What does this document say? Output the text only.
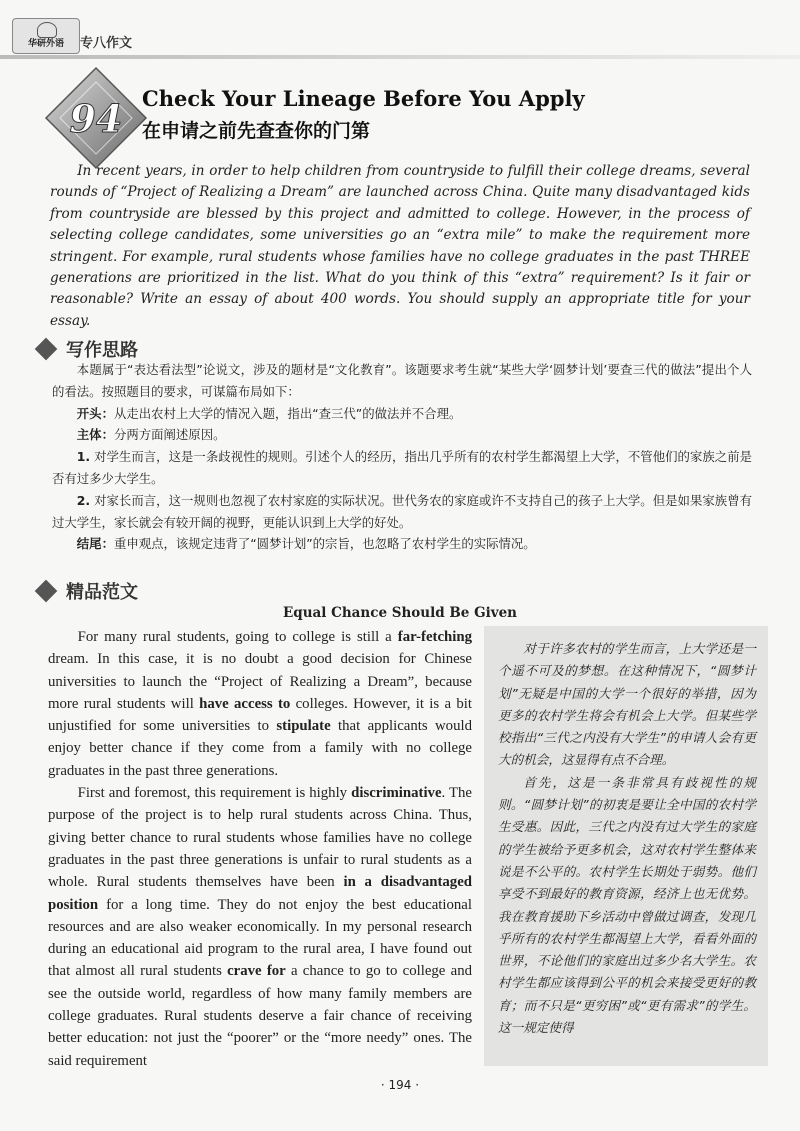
华研外语	专八作文
94 Check Your Lineage Before You Apply
在申请之前先查查你的门第

In recent years, in order to help children from countryside to fulfill their college dreams, several rounds of “Project of Realizing a Dream” are launched across China. Quite many disadvantaged kids from countryside are blessed by this project and admitted to college. However, in the process of selecting college candidates, some universities go an “extra mile” to make the requirement more stringent. For example, rural students whose families have no college graduates in the past THREE generations are prioritized in the list. What do you think of this “extra” requirement? Is it fair or reasonable? Write an essay of about 400 words. You should supply an appropriate title for your essay.

写作思路

本题属于“表达看法型”论说文，涉及的题材是“文化教育”。该题要求考生就“某些大学‘圆梦计划’要查三代的做法”提出个人的看法。按照题目的要求，可谋篇布局如下：

开头：从走出农村上大学的情况入题，指出“查三代”的做法并不合理。

主体：分两方面阐述原因。

1. 对学生而言，这是一条歧视性的规则。引述个人的经历，指出几乎所有的农村学生都渴望上大学，不管他们的家族之前是否有过多少大学生。

2. 对家长而言，这一规则也忽视了农村家庭的实际状况。世代务农的家庭或许不支持自己的孩子上大学。但是如果家族曾有过大学生，家长就会有较开阔的视野，更能认识到上大学的好处。

结尾：重申观点，该规定违背了“圆梦计划”的宗旨，也忽略了农村学生的实际情况。

精品范文
Equal Chance Should Be Given

For many rural students, going to college is still a far-fetching dream. In this case, it is no doubt a good decision for Chinese universities to launch the “Project of Realizing a Dream”, because more rural students will have access to colleges. However, it is a bit unjustified for some universities to stipulate that applicants would enjoy better chance if they come from a family with no college graduates in the past three generations.

First and foremost, this requirement is highly discriminative. The purpose of the project is to help rural students across China. Thus, giving better chance to rural students whose families have no college graduates in the past three generations is unfair to rural students as a whole. Rural students themselves have been in a disadvantaged position for a long time. They do not enjoy the best educational resources and are also weaker economically. In my personal research during an educational aid program to the rural area, I have found out that almost all rural students crave for a chance to go to college and see the outside world, regardless of how many family members are college graduates. Rural students deserve a fair chance of receiving better education: not just the “poorer” or the “more needy” ones. The said requirement

对于许多农村的学生而言，上大学还是一个遥不可及的梦想。在这种情况下，“圆梦计划”无疑是中国的大学一个很好的举措，因为更多的农村学生将会有机会上大学。但某些学校指出“三代之内没有大学生”的申请人会有更大的机会，这显得有点不合理。

首先，这是一条非常具有歧视性的规则。“圆梦计划”的初衷是要让全中国的农村学生受惠。因此，三代之内没有过大学生的家庭的学生被给予更多机会，这对农村学生整体来说是不公平的。农村学生长期处于弱势。他们享受不到最好的教育资源，经济上也无优势。我在教育援助下乡活动中曾做过调查，发现几乎所有的农村学生都渴望上大学，看看外面的世界，不论他们的家庭出过多少名大学生。农村学生都应该得到公平的机会来接受更好的教育；而不只是“更穷困”或“更有需求”的学生。这一规定使得

· 194 ·
